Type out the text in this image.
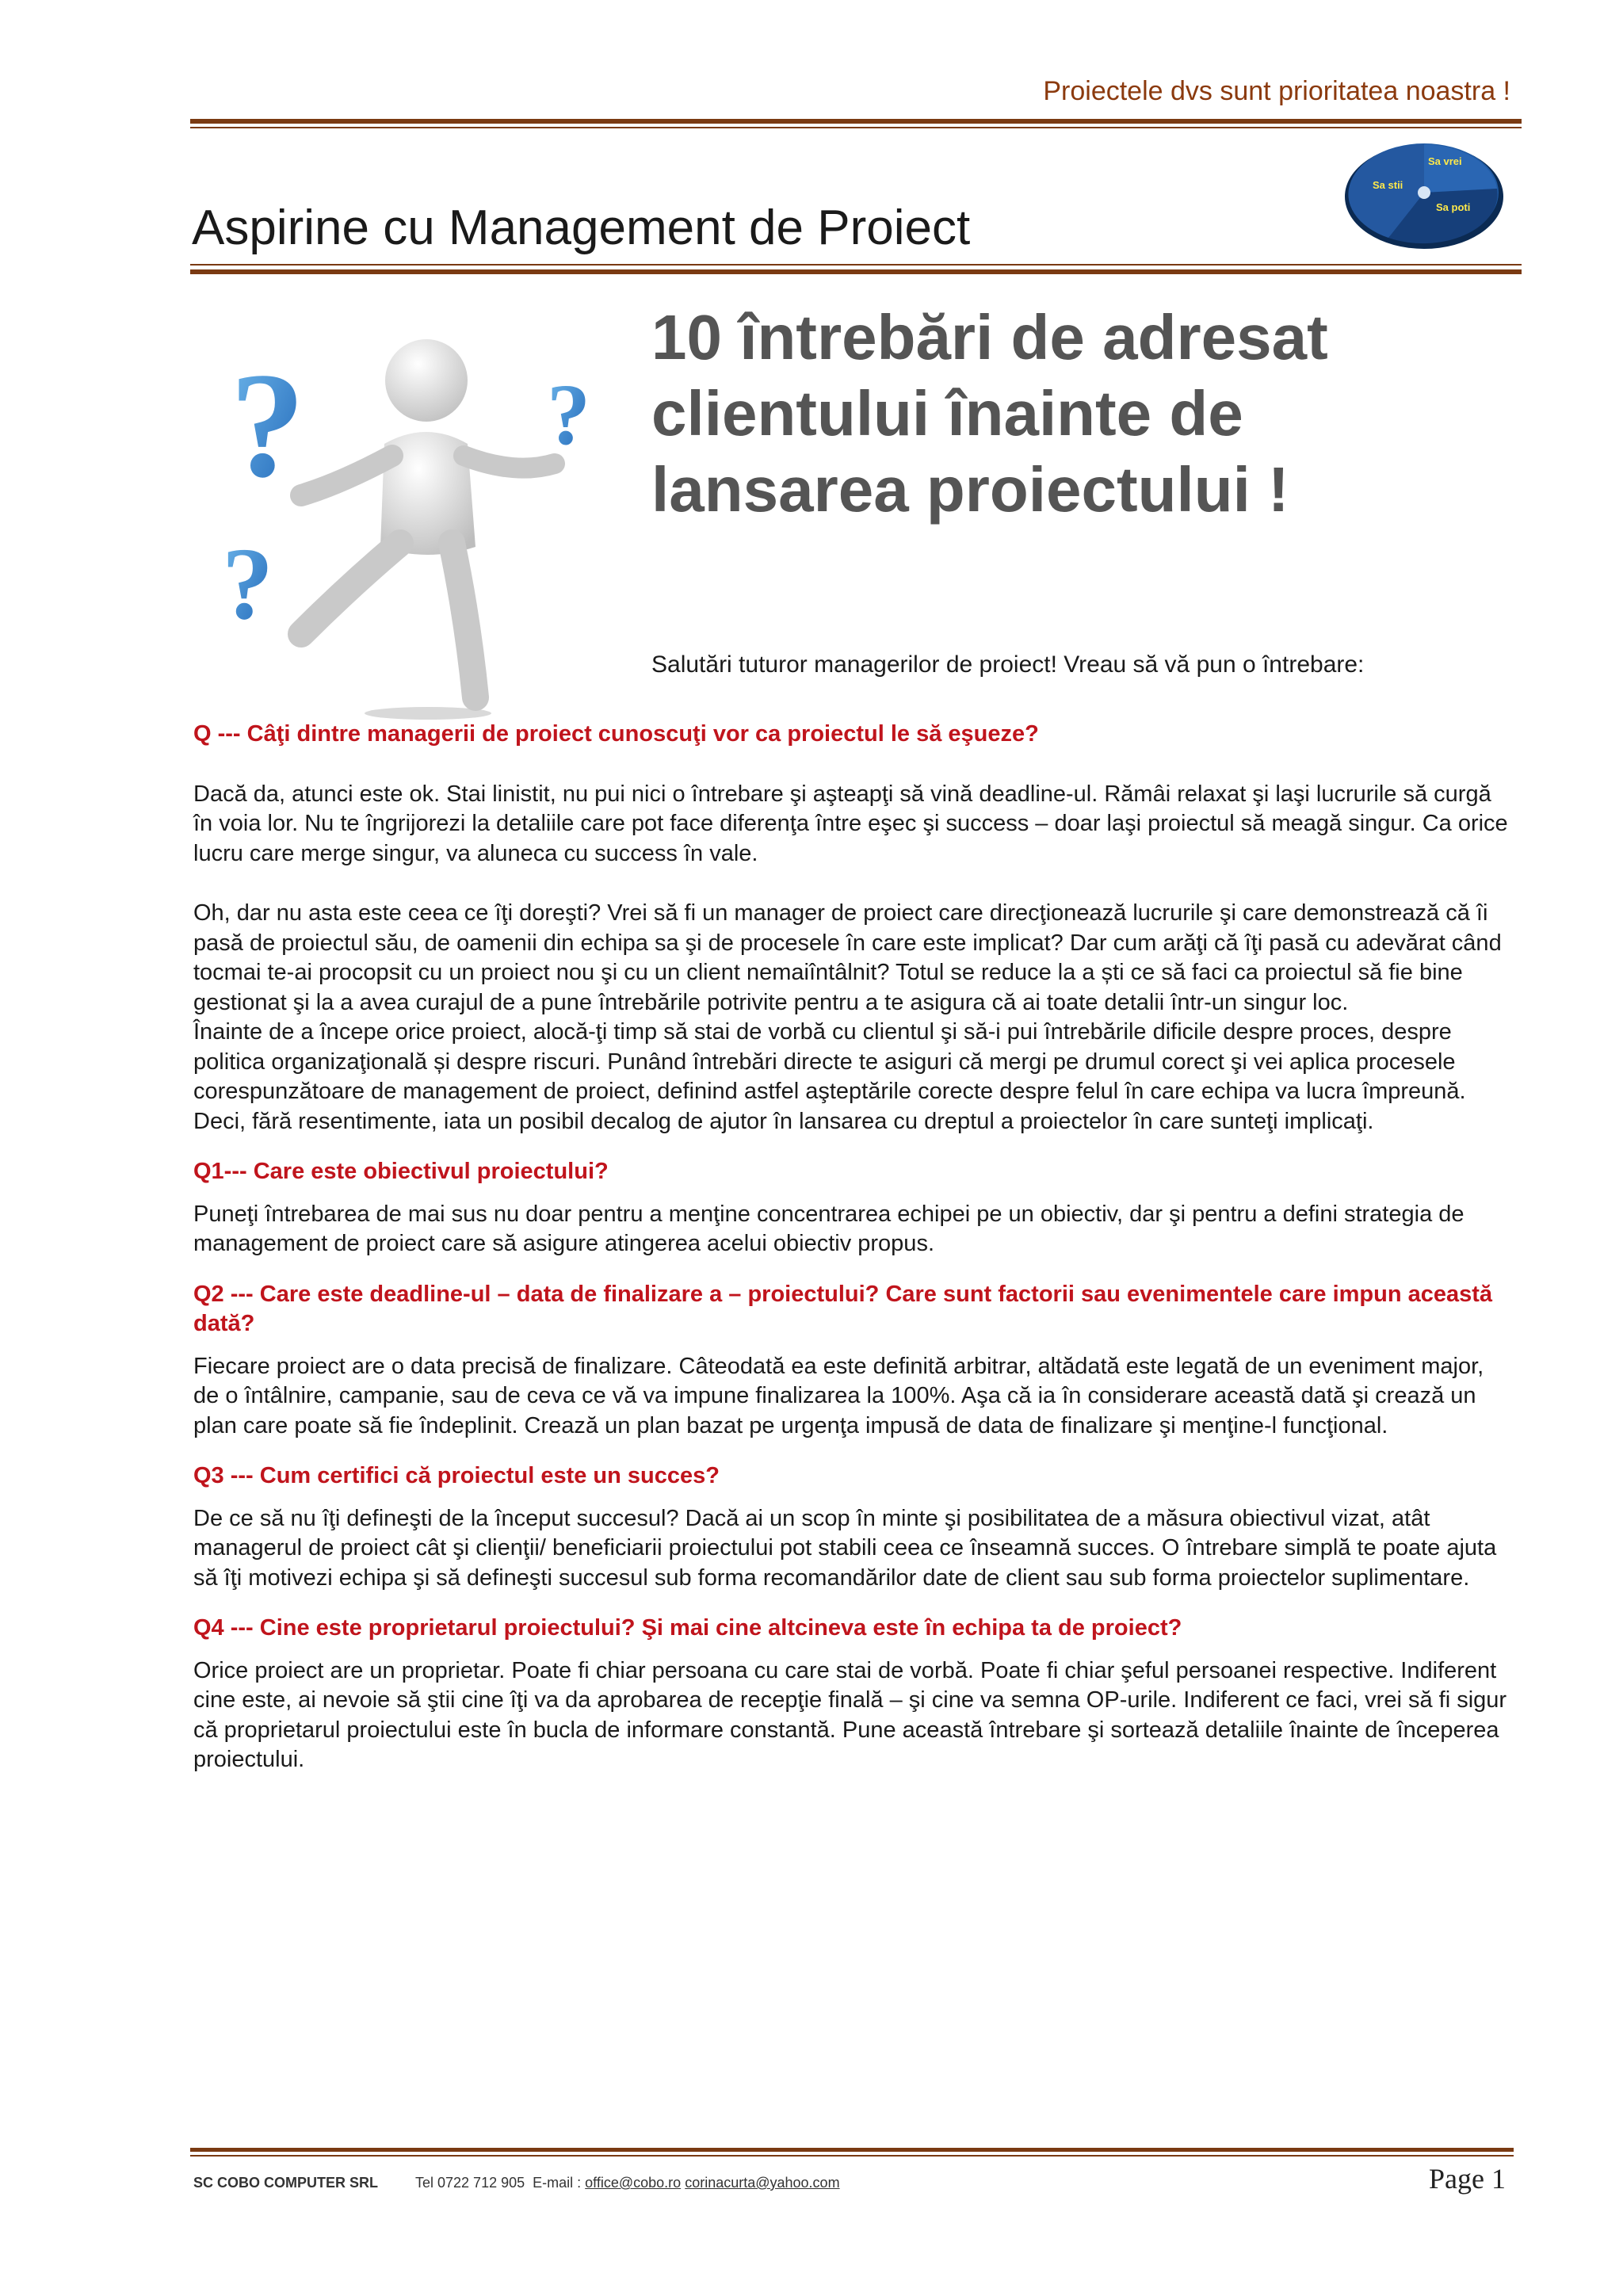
Proiectele dvs sunt prioritatea noastra !
Aspirine cu Management de Proiect
Sa stii
Sa vrei
Sa poti
?
?
?
10 întrebări de adresat
clientului înainte de
lansarea proiectului !
Salutări tuturor managerilor de proiect! Vreau să vă pun o întrebare:

Q --- Câţi dintre managerii de proiect cunoscuţi vor ca proiectul le să eşueze?

Dacă da, atunci este ok. Stai linistit, nu pui nici o întrebare şi aşteapţi să vină deadline-ul. Rămâi relaxat şi laşi lucrurile să curgă în voia lor. Nu te îngrijorezi la detaliile care pot face diferenţa între eşec şi success – doar laşi proiectul să meagă singur. Ca orice lucru care merge singur, va aluneca cu success în vale.

Oh, dar nu asta este ceea ce îţi doreşti? Vrei să fi un manager de proiect care direcţionează lucrurile şi care demonstrează că îi pasă de proiectul său, de oamenii din echipa sa şi de procesele în care este implicat? Dar cum arăţi că îţi pasă cu adevărat când tocmai te-ai procopsit cu un proiect nou şi cu un client nemaiîntâlnit? Totul se reduce la a ști ce să faci ca proiectul să fie bine gestionat şi la a avea curajul de a pune întrebările potrivite pentru a te asigura că ai toate detalii într-un singur loc.

Înainte de a începe orice proiect, alocă-ţi timp să stai de vorbă cu clientul şi să-i pui întrebările dificile despre proces, despre politica organizaţională și despre riscuri. Punând întrebări directe te asiguri că mergi pe drumul corect şi vei aplica procesele corespunzătoare de management de proiect, definind astfel aşteptările corecte despre felul în care echipa va lucra împreună.

Deci, fără resentimente, iata un posibil decalog de ajutor în lansarea cu dreptul a proiectelor în care sunteţi implicaţi.

Q1--- Care este obiectivul proiectului?

Puneţi întrebarea de mai sus nu doar pentru a menţine concentrarea echipei pe un obiectiv, dar şi pentru a defini strategia de management de proiect care să asigure atingerea acelui obiectiv propus.

Q2 --- Care este deadline-ul – data de finalizare a – proiectului? Care sunt factorii sau evenimentele care impun această dată?

Fiecare proiect are o data precisă de finalizare. Câteodată ea este definită arbitrar, altădată este legată de un eveniment major, de o întâlnire, campanie, sau de ceva ce vă va impune finalizarea la 100%. Aşa că ia în considerare această dată şi crează un plan care poate să fie îndeplinit. Crează un plan bazat pe urgenţa impusă de data de finalizare şi menţine-l funcţional.

Q3 --- Cum certifici că proiectul este un succes?

De ce să nu îţi defineşti de la început succesul? Dacă ai un scop în minte şi posibilitatea de a măsura obiectivul vizat, atât managerul de proiect cât şi clienţii/ beneficiarii proiectului pot stabili ceea ce înseamnă succes. O întrebare simplă te poate ajuta să îţi motivezi echipa şi să defineşti succesul sub forma recomandărilor date de client sau sub forma proiectelor suplimentare.

Q4 --- Cine este proprietarul proiectului? Şi mai cine altcineva este în echipa ta de proiect?

Orice proiect are un proprietar. Poate fi chiar persoana cu care stai de vorbă. Poate fi chiar şeful persoanei respective. Indiferent cine este, ai nevoie să ştii cine îţi va da aprobarea de recepţie finală – şi cine va semna OP-urile. Indiferent ce faci, vrei să fi sigur că proprietarul proiectului este în bucla de informare constantă. Pune această întrebare şi sortează detaliile înainte de începerea proiectului.

SC COBO COMPUTER SRL	Tel 0722 712 905 E-mail : office@cobo.ro corinacurta@yahoo.com	Page 1
